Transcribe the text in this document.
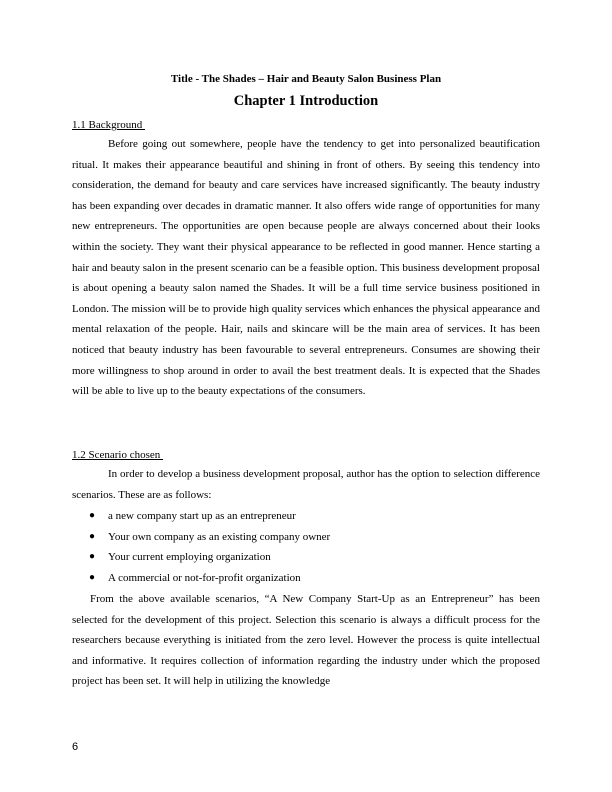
Title - The Shades – Hair and Beauty Salon Business Plan
Chapter 1 Introduction
1.1 Background

Before going out somewhere, people have the tendency to get into personalized beautification ritual. It makes their appearance beautiful and shining in front of others. By seeing this tendency into consideration, the demand for beauty and care services have increased significantly. The beauty industry has been expanding over decades in dramatic manner. It also offers wide range of opportunities for many new entrepreneurs. The opportunities are open because people are always concerned about their looks within the society. They want their physical appearance to be reflected in good manner. Hence starting a hair and beauty salon in the present scenario can be a feasible option. This business development proposal is about opening a beauty salon named the Shades. It will be a full time service business positioned in London. The mission will be to provide high quality services which enhances the physical appearance and mental relaxation of the people. Hair, nails and skincare will be the main area of services. It has been noticed that beauty industry has been favourable to several entrepreneurs. Consumes are showing their more willingness to shop around in order to avail the best treatment deals. It is expected that the Shades will be able to live up to the beauty expectations of the consumers.

1.2 Scenario chosen

In order to develop a business development proposal, author has the option to selection difference scenarios. These are as follows:

● a new company start up as an entrepreneur
● Your own company as an existing company owner
● Your current employing organization
● A commercial or not-for-profit organization

From the above available scenarios, “A New Company Start-Up as an Entrepreneur” has been selected for the development of this project. Selection this scenario is always a difficult process for the researchers because everything is initiated from the zero level. However the process is quite intellectual and informative. It requires collection of information regarding the industry under which the proposed project has been set. It will help in utilizing the knowledge

6
